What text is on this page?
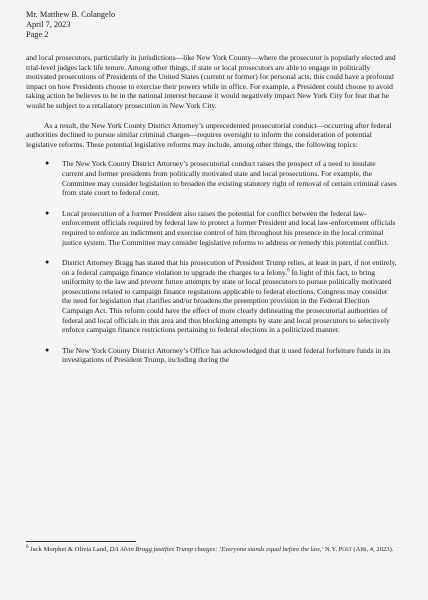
Mr. Matthew B. Colangelo
April 7, 2023
Page 2

and local prosecutors, particularly in jurisdictions—like New York County—where the prosecutor is popularly elected and trial-level judges lack life tenure. Among other things, if state or local prosecutors are able to engage in politically motivated prosecutions of Presidents of the United States (current or former) for personal acts, this could have a profound impact on how Presidents choose to exercise their powers while in office. For example, a President could choose to avoid taking action he believes to be in the national interest because it would negatively impact New York City for fear that he would be subject to a retaliatory prosecution in New York City.

As a result, the New York County District Attorney’s unprecedented prosecutorial conduct—occurring after federal authorities declined to pursue similar criminal charges—requires oversight to inform the consideration of potential legislative reforms. These potential legislative reforms may include, among other things, the following topics:

● The New York County District Attorney’s prosecutorial conduct raises the prospect of a need to insulate current and former presidents from politically motivated state and local prosecutions. For example, the Committee may consider legislation to broaden the existing statutory right of removal of certain criminal cases from state court to federal court.
● Local prosecution of a former President also raises the potential for conflict between the federal law-enforcement officials required by federal law to protect a former President and local law-enforcement officials required to enforce an indictment and exercise control of him throughout his presence in the local criminal justice system. The Committee may consider legislative reforms to address or remedy this potential conflict.
● District Attorney Bragg has stated that his prosecution of President Trump relies, at least in part, if not entirely, on a federal campaign finance violation to upgrade the charges to a felony.$^6$ In light of this fact, to bring uniformity to the law and prevent future attempts by state or local prosecutors to pursue politically motivated prosecutions related to campaign finance regulations applicable to federal elections, Congress may consider the need for legislation that clarifies and/or broadens the preemption provision in the Federal Election Campaign Act. This reform could have the effect of more clearly delineating the prosecutorial authorities of federal and local officials in this area and thus blocking attempts by state and local prosecutors to selectively enforce campaign finance restrictions pertaining to federal elections in a politicized manner.
● The New York County District Attorney’s Office has acknowledged that it used federal forfeiture funds in its investigations of President Trump, including during the
$^6$ Jack Morphet & Olivia Land, DA Alvin Bragg justifies Trump charges: ‘Everyone stands equal before the law,’ N.Y. Post (Apr. 4, 2023).
